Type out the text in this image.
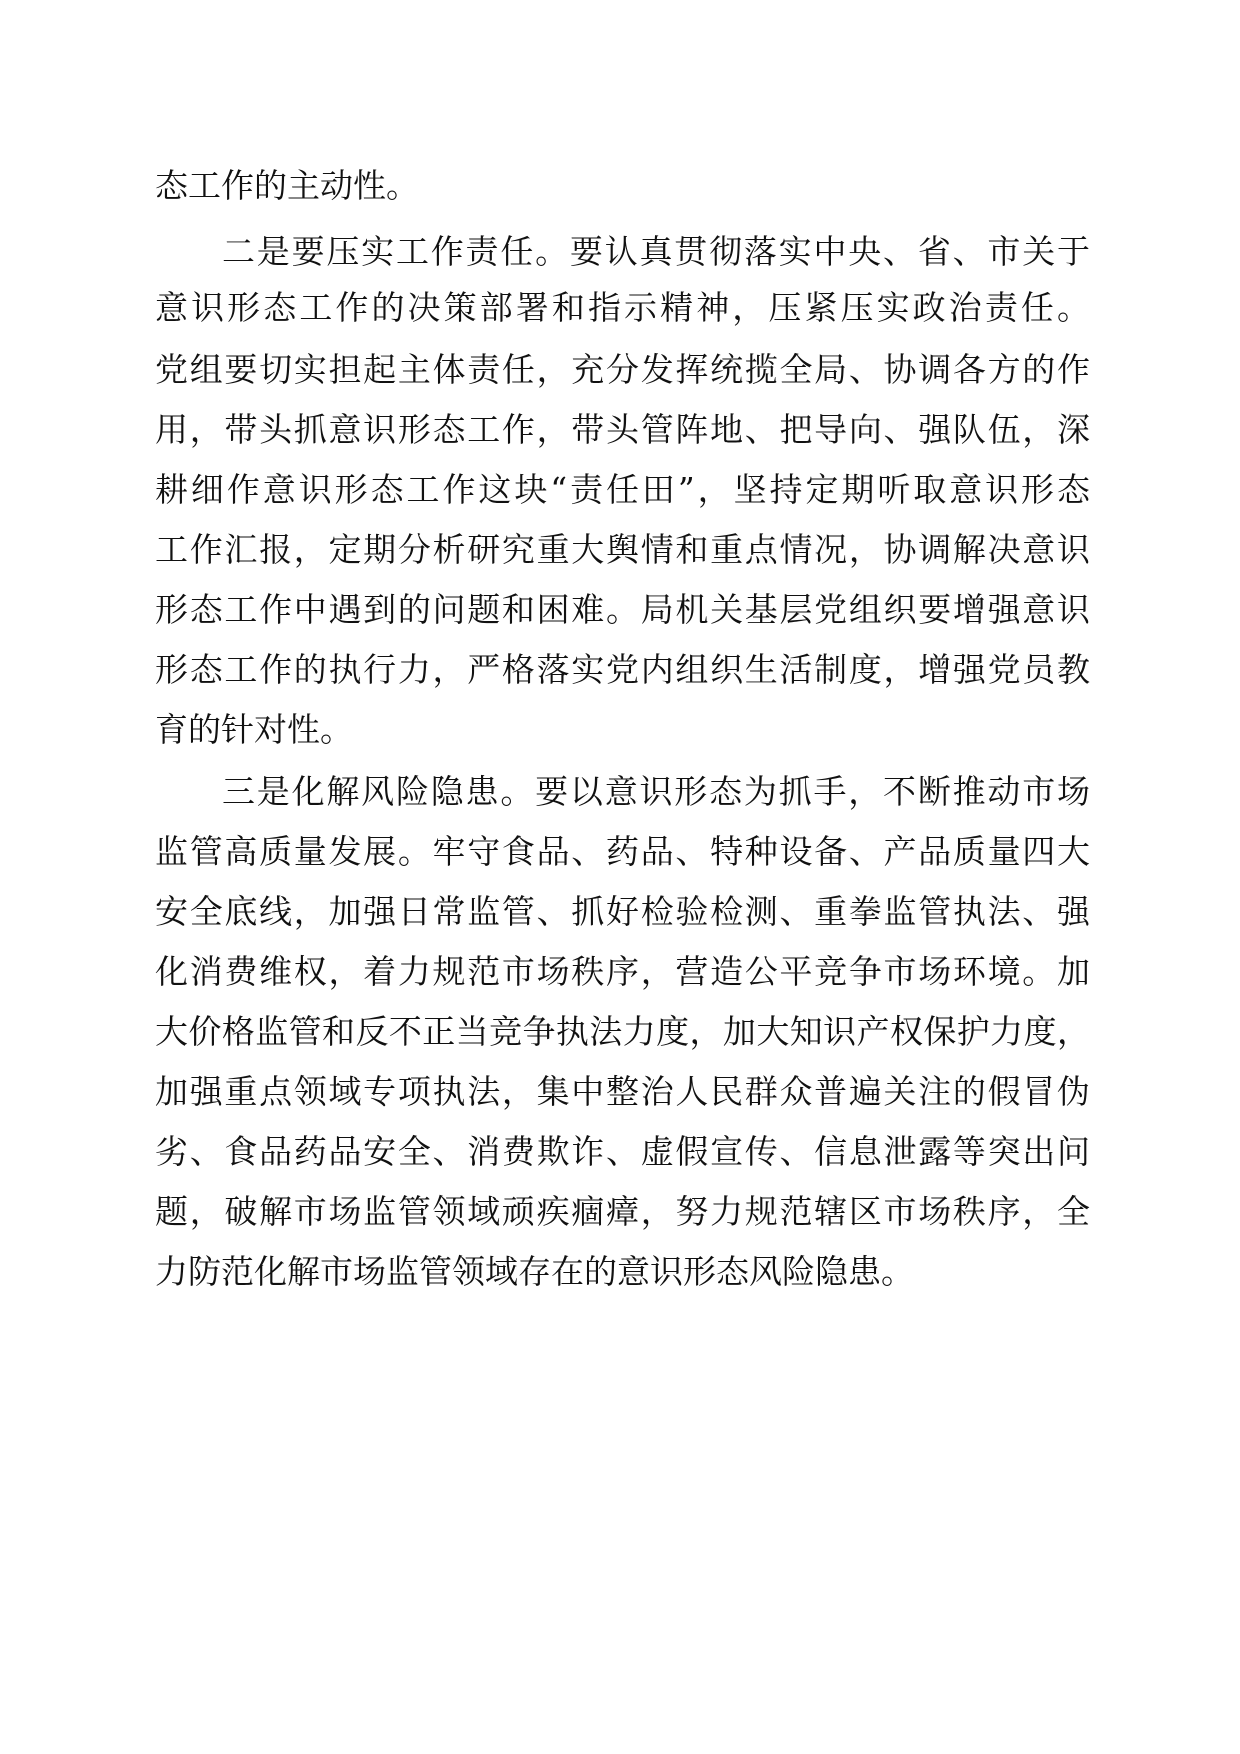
态工作的主动性。
二是要压实工作责任。要认真贯彻落实中央、省、市关于
意识形态工作的决策部署和指示精神，压紧压实政治责任。
党组要切实担起主体责任，充分发挥统揽全局、协调各方的作
用，带头抓意识形态工作，带头管阵地、把导向、强队伍，深
耕细作意识形态工作这块“责任田”，坚持定期听取意识形态
工作汇报，定期分析研究重大舆情和重点情况，协调解决意识
形态工作中遇到的问题和困难。局机关基层党组织要增强意识
形态工作的执行力，严格落实党内组织生活制度，增强党员教
育的针对性。
三是化解风险隐患。要以意识形态为抓手，不断推动市场
监管高质量发展。牢守食品、药品、特种设备、产品质量四大
安全底线，加强日常监管、抓好检验检测、重拳监管执法、强
化消费维权，着力规范市场秩序，营造公平竞争市场环境。加
大价格监管和反不正当竞争执法力度，加大知识产权保护力度，
加强重点领域专项执法，集中整治人民群众普遍关注的假冒伪
劣、食品药品安全、消费欺诈、虚假宣传、信息泄露等突出问
题，破解市场监管领域顽疾痼瘴，努力规范辖区市场秩序，全
力防范化解市场监管领域存在的意识形态风险隐患。
